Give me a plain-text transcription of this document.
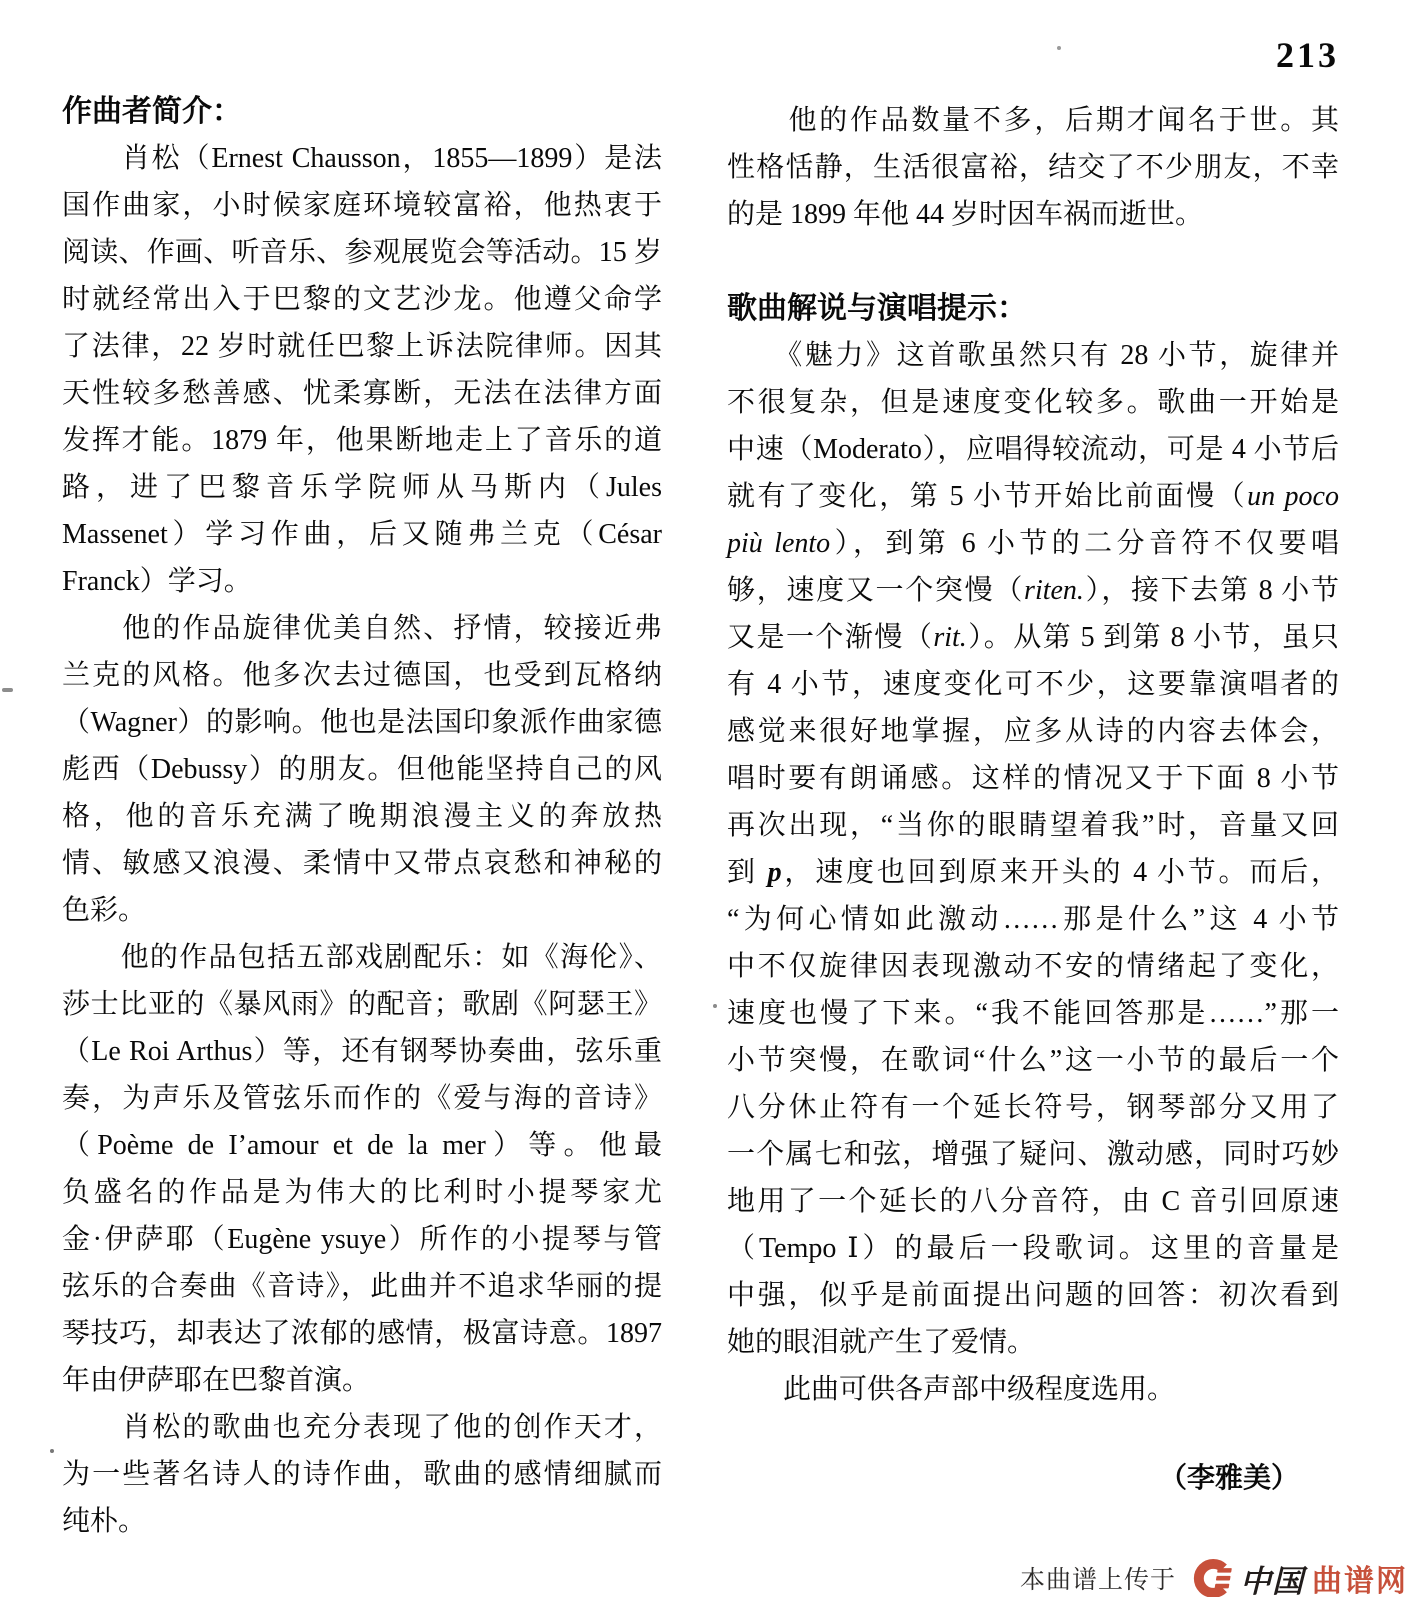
213
作曲者简介：
　　肖松（Ernest Chausson，1855—1899）是法
国作曲家，小时候家庭环境较富裕，他热衷于
阅读、作画、听音乐、参观展览会等活动。15 岁
时就经常出入于巴黎的文艺沙龙。他遵父命学
了法律，22 岁时就任巴黎上诉法院律师。因其
天性较多愁善感、忧柔寡断，无法在法律方面
发挥才能。1879 年，他果断地走上了音乐的道
路，进了巴黎音乐学院师从马斯内（Jules
Massenet）学习作曲，后又随弗兰克（César
Franck）学习。
　　他的作品旋律优美自然、抒情，较接近弗
兰克的风格。他多次去过德国，也受到瓦格纳
（Wagner）的影响。他也是法国印象派作曲家德
彪西（Debussy）的朋友。但他能坚持自己的风
格，他的音乐充满了晚期浪漫主义的奔放热
情、敏感又浪漫、柔情中又带点哀愁和神秘的
色彩。
　　他的作品包括五部戏剧配乐：如《海伦》、
莎士比亚的《暴风雨》的配音；歌剧《阿瑟王》
（Le Roi Arthus）等，还有钢琴协奏曲，弦乐重
奏，为声乐及管弦乐而作的《爱与海的音诗》
（Poème de I’amour et de la mer）等。他最
负盛名的作品是为伟大的比利时小提琴家尤
金·伊萨耶（Eugène ysuye）所作的小提琴与管
弦乐的合奏曲《音诗》，此曲并不追求华丽的提
琴技巧，却表达了浓郁的感情，极富诗意。1897
年由伊萨耶在巴黎首演。
　　肖松的歌曲也充分表现了他的创作天才，
为一些著名诗人的诗作曲，歌曲的感情细腻而
纯朴。
　　他的作品数量不多，后期才闻名于世。其
性格恬静，生活很富裕，结交了不少朋友，不幸
的是 1899 年他 44 岁时因车祸而逝世。
歌曲解说与演唱提示：
　　《魅力》这首歌虽然只有 28 小节，旋律并
不很复杂，但是速度变化较多。歌曲一开始是
中速（Moderato），应唱得较流动，可是 4 小节后
就有了变化，第 5 小节开始比前面慢（un poco
più lento），到第 6 小节的二分音符不仅要唱
够，速度又一个突慢（riten.），接下去第 8 小节
又是一个渐慢（rit.）。从第 5 到第 8 小节，虽只
有 4 小节，速度变化可不少，这要靠演唱者的
感觉来很好地掌握，应多从诗的内容去体会，
唱时要有朗诵感。这样的情况又于下面 8 小节
再次出现，“当你的眼睛望着我”时，音量又回
到 p，速度也回到原来开头的 4 小节。而后，
“为何心情如此激动……那是什么”这 4 小节
中不仅旋律因表现激动不安的情绪起了变化，
速度也慢了下来。“我不能回答那是……”那一
小节突慢，在歌词“什么”这一小节的最后一个
八分休止符有一个延长符号，钢琴部分又用了
一个属七和弦，增强了疑问、激动感，同时巧妙
地用了一个延长的八分音符，由 C 音引回原速
（Tempo Ⅰ）的最后一段歌词。这里的音量是
中强，似乎是前面提出问题的回答：初次看到
她的眼泪就产生了爱情。
　　此曲可供各声部中级程度选用。
（李雅美）
本曲谱上传于 中国 曲谱网
